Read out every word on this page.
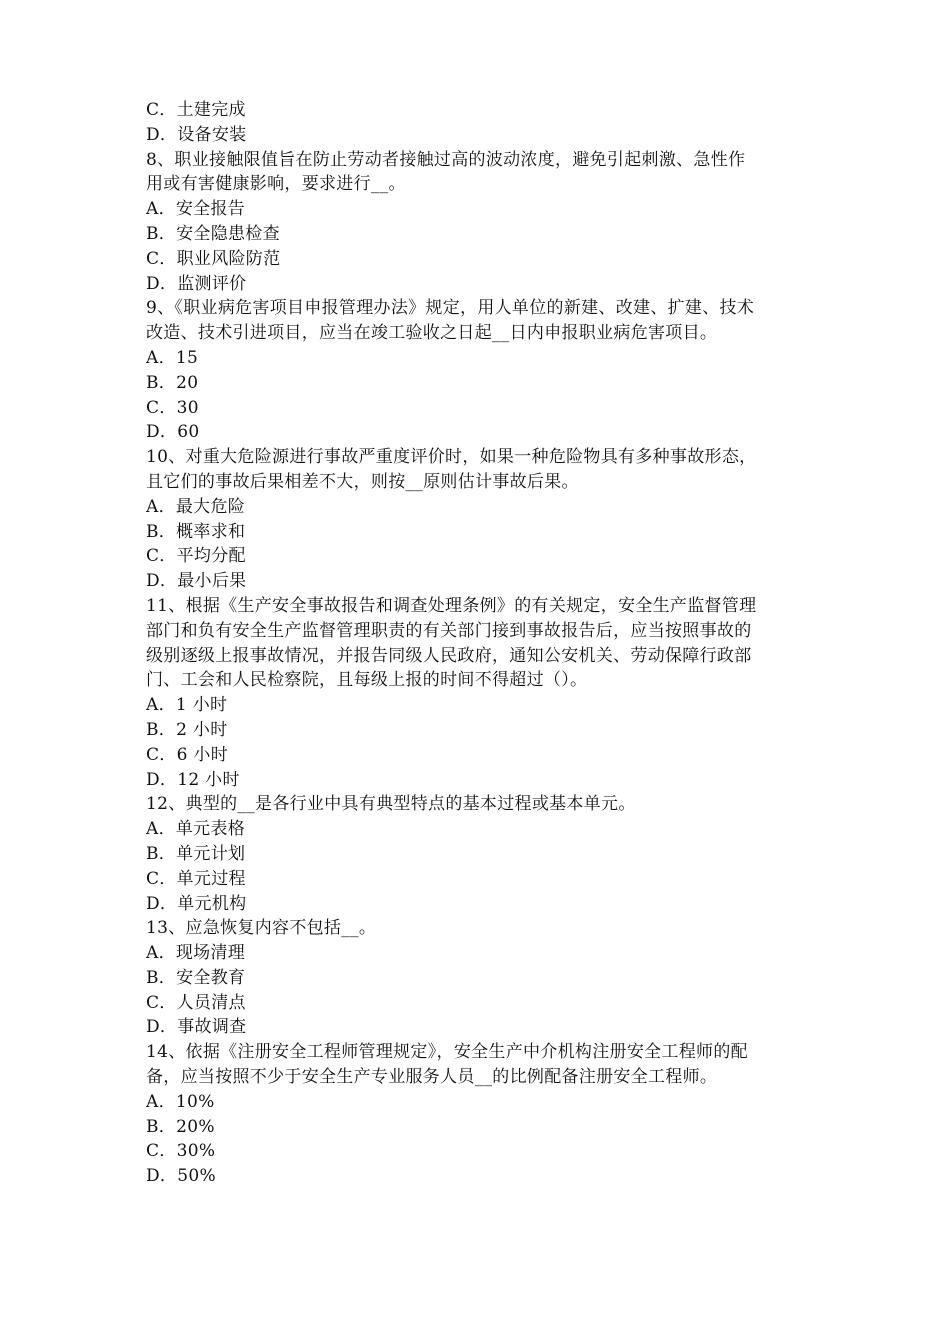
C．土建完成
D．设备安装
8、职业接触限值旨在防止劳动者接触过高的波动浓度，避免引起刺激、急性作
用或有害健康影响，要求进行__。
A．安全报告
B．安全隐患检查
C．职业风险防范
D．监测评价
9、《职业病危害项目申报管理办法》规定，用人单位的新建、改建、扩建、技术
改造、技术引进项目，应当在竣工验收之日起__日内申报职业病危害项目。
A．15
B．20
C．30
D．60
10、对重大危险源进行事故严重度评价时，如果一种危险物具有多种事故形态，
且它们的事故后果相差不大，则按__原则估计事故后果。
A．最大危险
B．概率求和
C．平均分配
D．最小后果
11、根据《生产安全事故报告和调查处理条例》的有关规定，安全生产监督管理
部门和负有安全生产监督管理职责的有关部门接到事故报告后，应当按照事故的
级别逐级上报事故情况，并报告同级人民政府，通知公安机关、劳动保障行政部
门、工会和人民检察院，且每级上报的时间不得超过（）。
A．1 小时
B．2 小时
C．6 小时
D．12 小时
12、典型的__是各行业中具有典型特点的基本过程或基本单元。
A．单元表格
B．单元计划
C．单元过程
D．单元机构
13、应急恢复内容不包括__。
A．现场清理
B．安全教育
C．人员清点
D．事故调查
14、依据《注册安全工程师管理规定》，安全生产中介机构注册安全工程师的配
备，应当按照不少于安全生产专业服务人员__的比例配备注册安全工程师。
A．10%
B．20%
C．30%
D．50%
